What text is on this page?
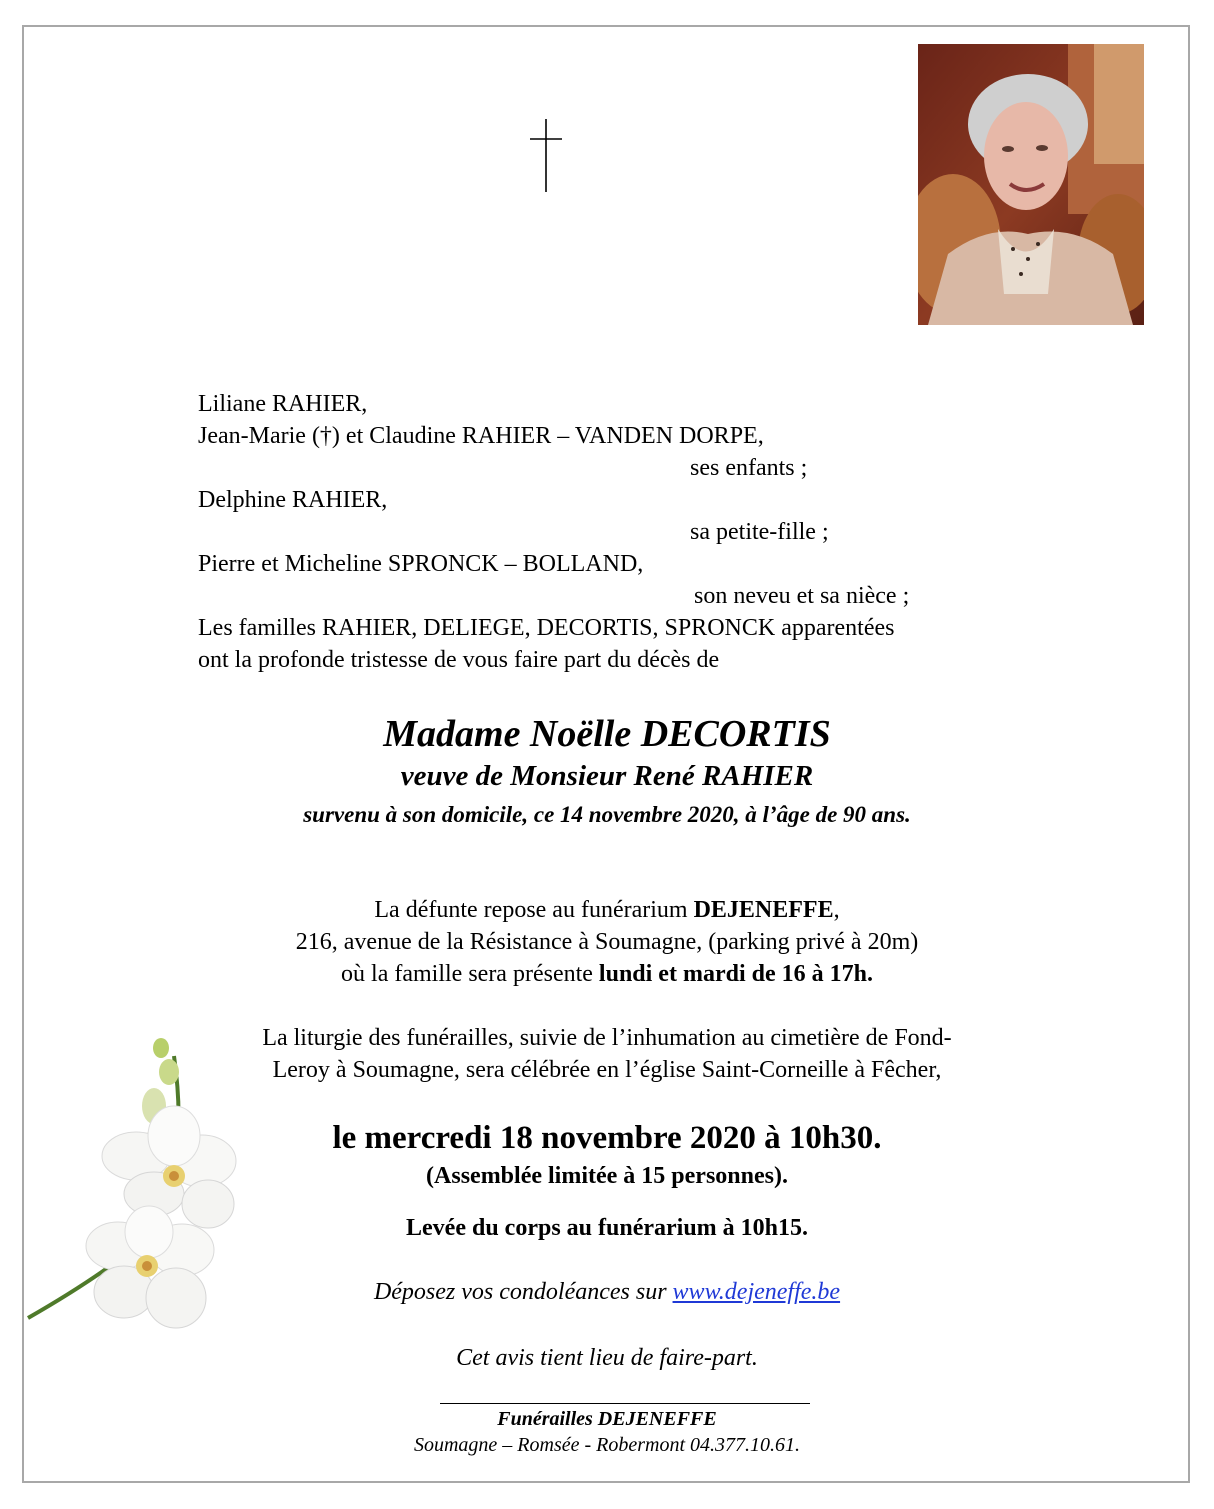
Liliane RAHIER,
Jean-Marie (†) et Claudine RAHIER – VANDEN DORPE,
ses enfants ;
Delphine RAHIER,
sa petite-fille ;
Pierre et Micheline SPRONCK – BOLLAND,
son neveu et sa nièce ;
Les familles RAHIER, DELIEGE, DECORTIS, SPRONCK apparentées
ont la profonde tristesse de vous faire part du décès de
Madame Noëlle DECORTIS
veuve de Monsieur René RAHIER
survenu à son domicile, ce 14 novembre 2020, à l’âge de 90 ans.
La défunte repose au funérarium DEJENEFFE,
216, avenue de la Résistance à Soumagne, (parking privé à 20m)
où la famille sera présente lundi et mardi de 16 à 17h.
La liturgie des funérailles, suivie de l’inhumation au cimetière de Fond-
Leroy à Soumagne, sera célébrée en l’église Saint-Corneille à Fêcher,
le mercredi 18 novembre 2020 à 10h30.
(Assemblée limitée à 15 personnes).
Levée du corps au funérarium à 10h15.
Déposez vos condoléances sur www.dejeneffe.be
Cet avis tient lieu de faire-part.
Funérailles DEJENEFFE
Soumagne – Romsée - Robermont 04.377.10.61.
